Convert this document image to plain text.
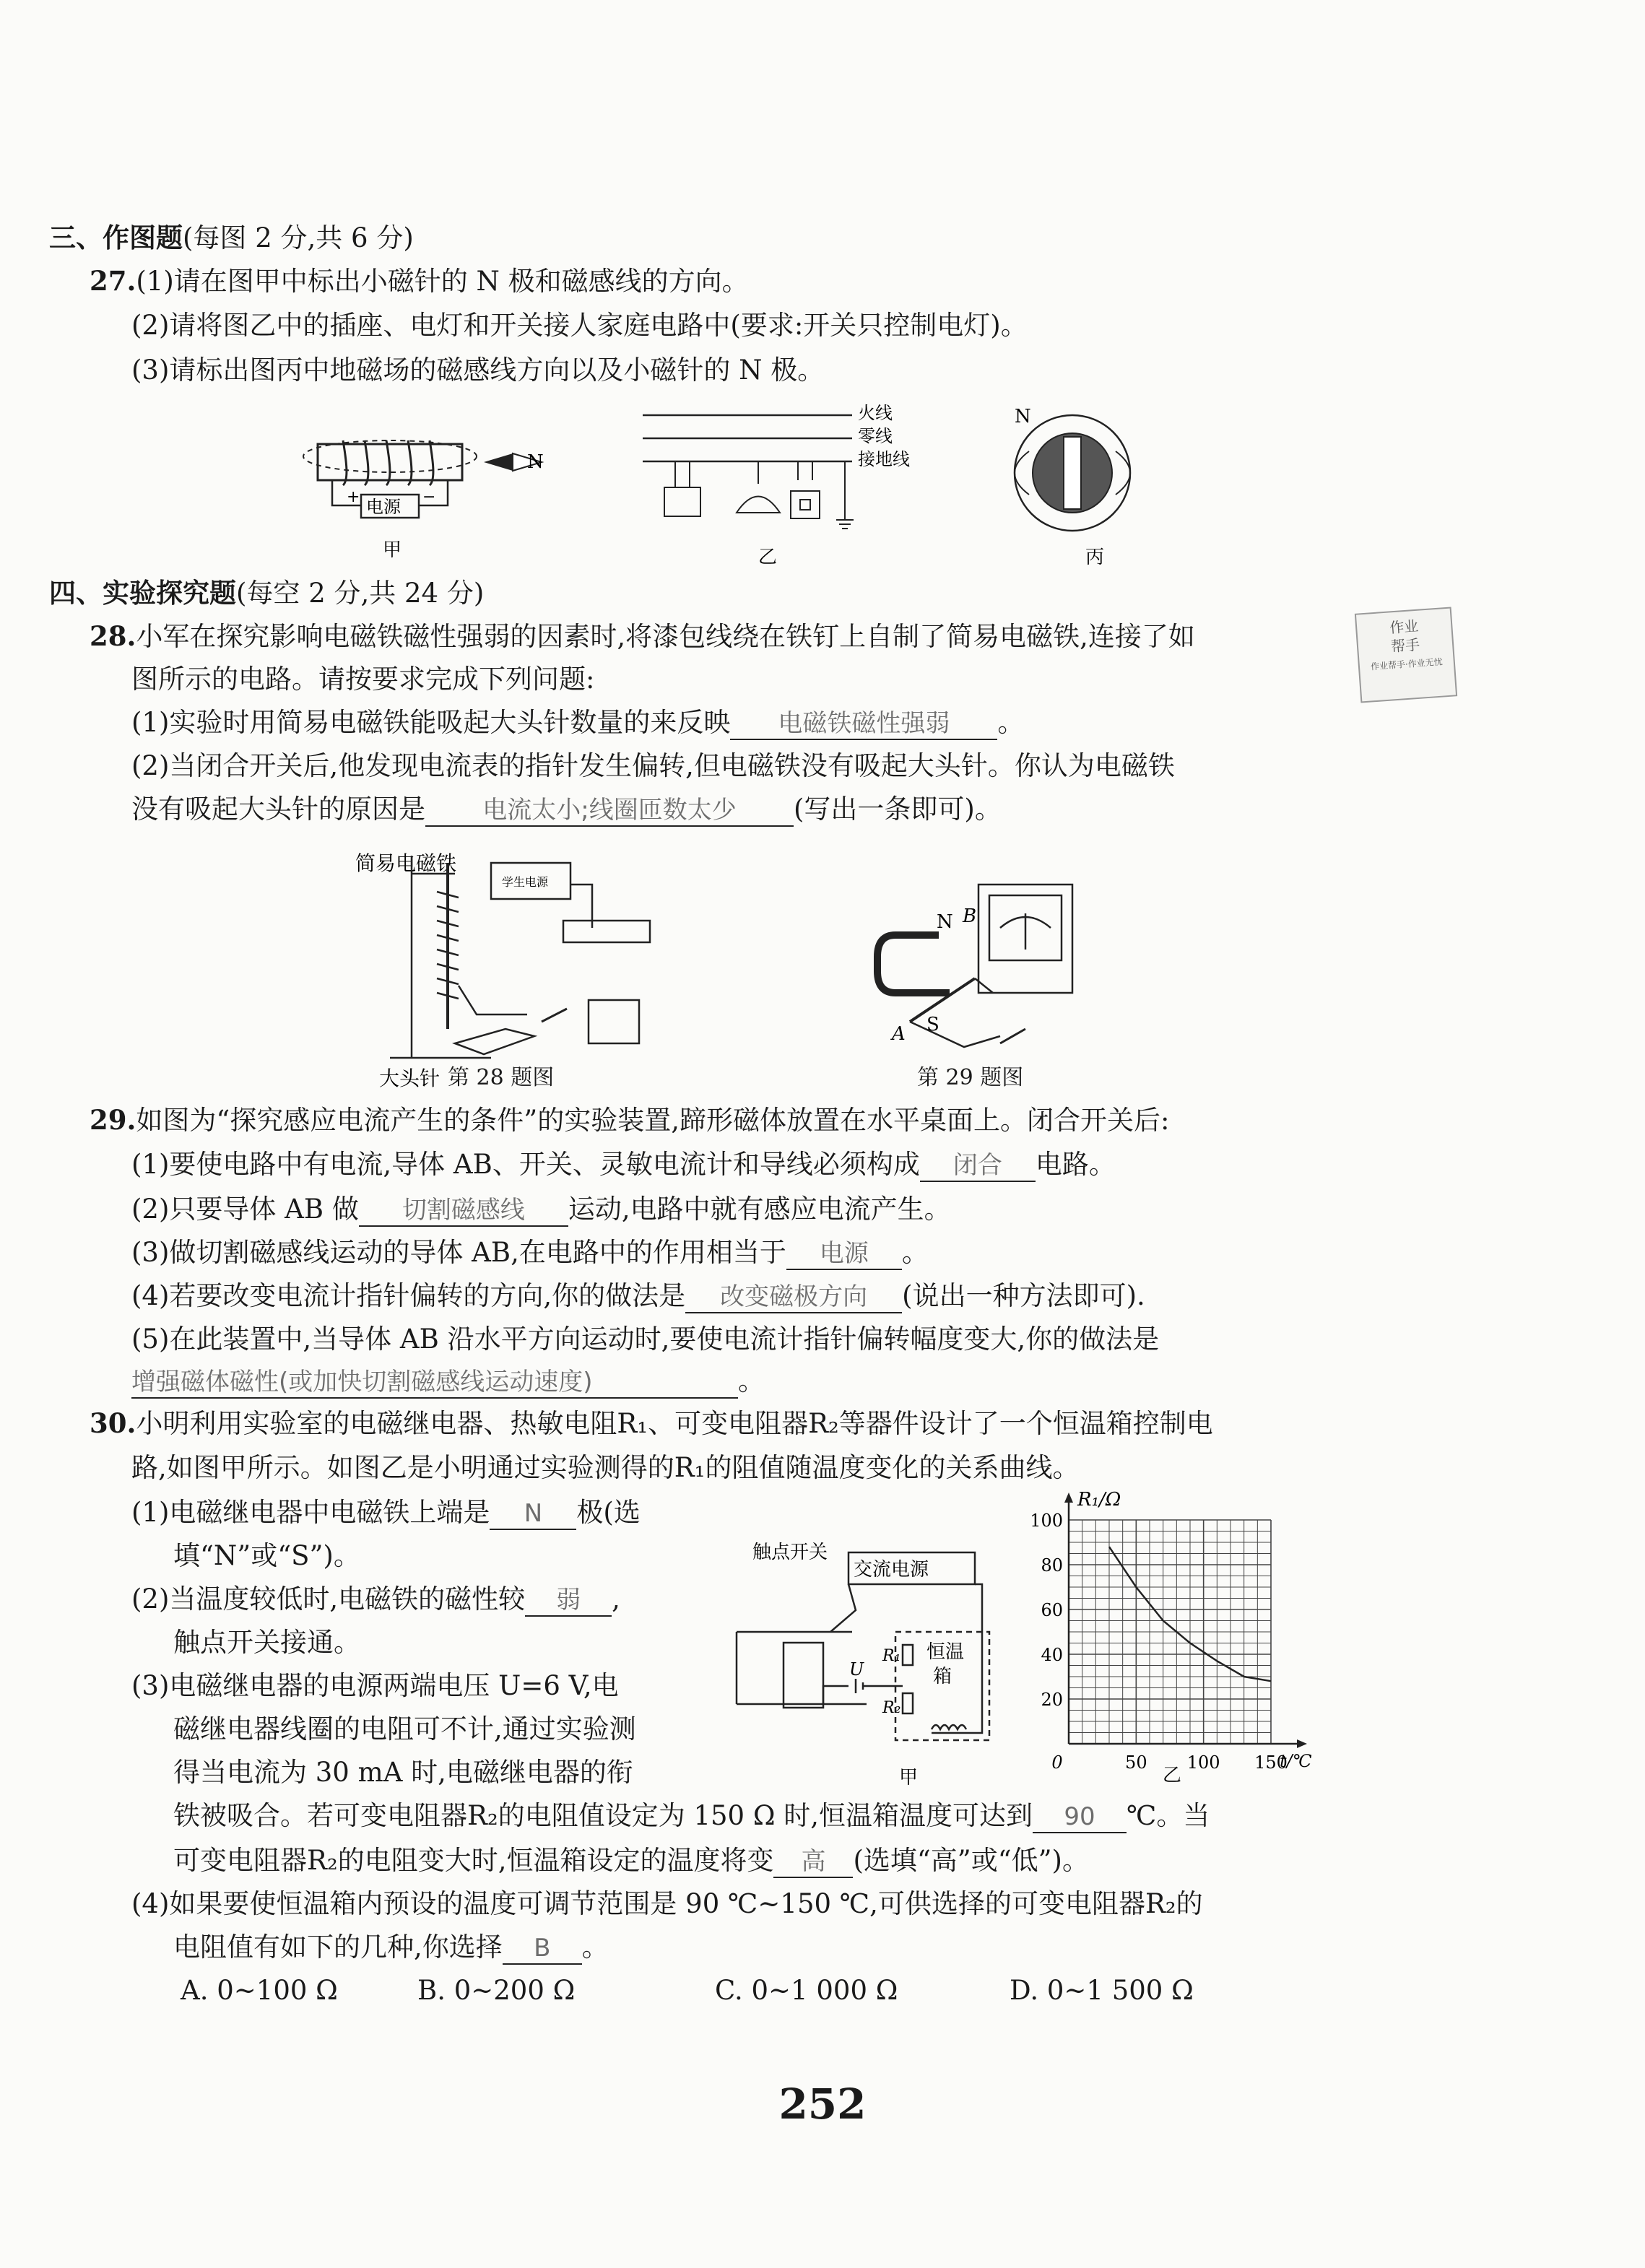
三、作图题(每图 2 分,共 6 分)
27.(1)请在图甲中标出小磁针的 N 极和磁感线的方向。
(2)请将图乙中的插座、电灯和开关接人家庭电路中(要求:开关只控制电灯)。
(3)请标出图丙中地磁场的磁感线方向以及小磁针的 N 极。
N
+	−
电源
甲
火线
零线
接地线
乙
N
丙
四、实验探究题(每空 2 分,共 24 分)
作业
帮手
作业帮手·作业无忧
28.小军在探究影响电磁铁磁性强弱的因素时,将漆包线绕在铁钉上自制了简易电磁铁,连接了如
图所示的电路。请按要求完成下列问题:
(1)实验时用简易电磁铁能吸起大头针数量的来反映 电磁铁磁性强弱 。
(2)当闭合开关后,他发现电流表的指针发生偏转,但电磁铁没有吸起大头针。你认为电磁铁
没有吸起大头针的原因是 电流太小;线圈匝数太少 (写出一条即可)。
简易电磁铁
学生电源
大头针 第 28 题图
N B
A S
第 29 题图
29.如图为“探究感应电流产生的条件”的实验装置,蹄形磁体放置在水平桌面上。闭合开关后:
(1)要使电路中有电流,导体 AB、开关、灵敏电流计和导线必须构成 闭合 电路。
(2)只要导体 AB 做 切割磁感线 运动,电路中就有感应电流产生。
(3)做切割磁感线运动的导体 AB,在电路中的作用相当于 电源 。
(4)若要改变电流计指针偏转的方向,你的做法是 改变磁极方向 (说出一种方法即可).
(5)在此装置中,当导体 AB 沿水平方向运动时,要使电流计指针偏转幅度变大,你的做法是
增强磁体磁性(或加快切割磁感线运动速度)	。
30.小明利用实验室的电磁继电器、热敏电阻R₁、可变电阻器R₂等器件设计了一个恒温箱控制电
路,如图甲所示。如图乙是小明通过实验测得的R₁的阻值随温度变化的关系曲线。
(1)电磁继电器中电磁铁上端是 N 极(选
填“N”或“S”)。
(2)当温度较低时,电磁铁的磁性较 弱 ,
触点开关接通。
(3)电磁继电器的电源两端电压 U=6 V,电
磁继电器线圈的电阻可不计,通过实验测
得当电流为 30 mA 时,电磁继电器的衔
铁被吸合。若可变电阻器R₂的电阻值设定为 150 Ω 时,恒温箱温度可达到 90 ℃。当
可变电阻器R₂的电阻变大时,恒温箱设定的温度将变 高 (选填“高”或“低”)。
(4)如果要使恒温箱内预设的温度可调节范围是 90 ℃~150 ℃,可供选择的可变电阻器R₂的
电阻值有如下的几种,你选择 B 。
A. 0~100 Ω	B. 0~200 Ω	C. 0~1 000 Ω	D. 0~1 500 Ω
触点开关
交流电源
恒温
箱
R₁
R₂
U
甲
R₁/Ω
t/℃
20
40
60
80
100
0	50 100 150
乙
252
